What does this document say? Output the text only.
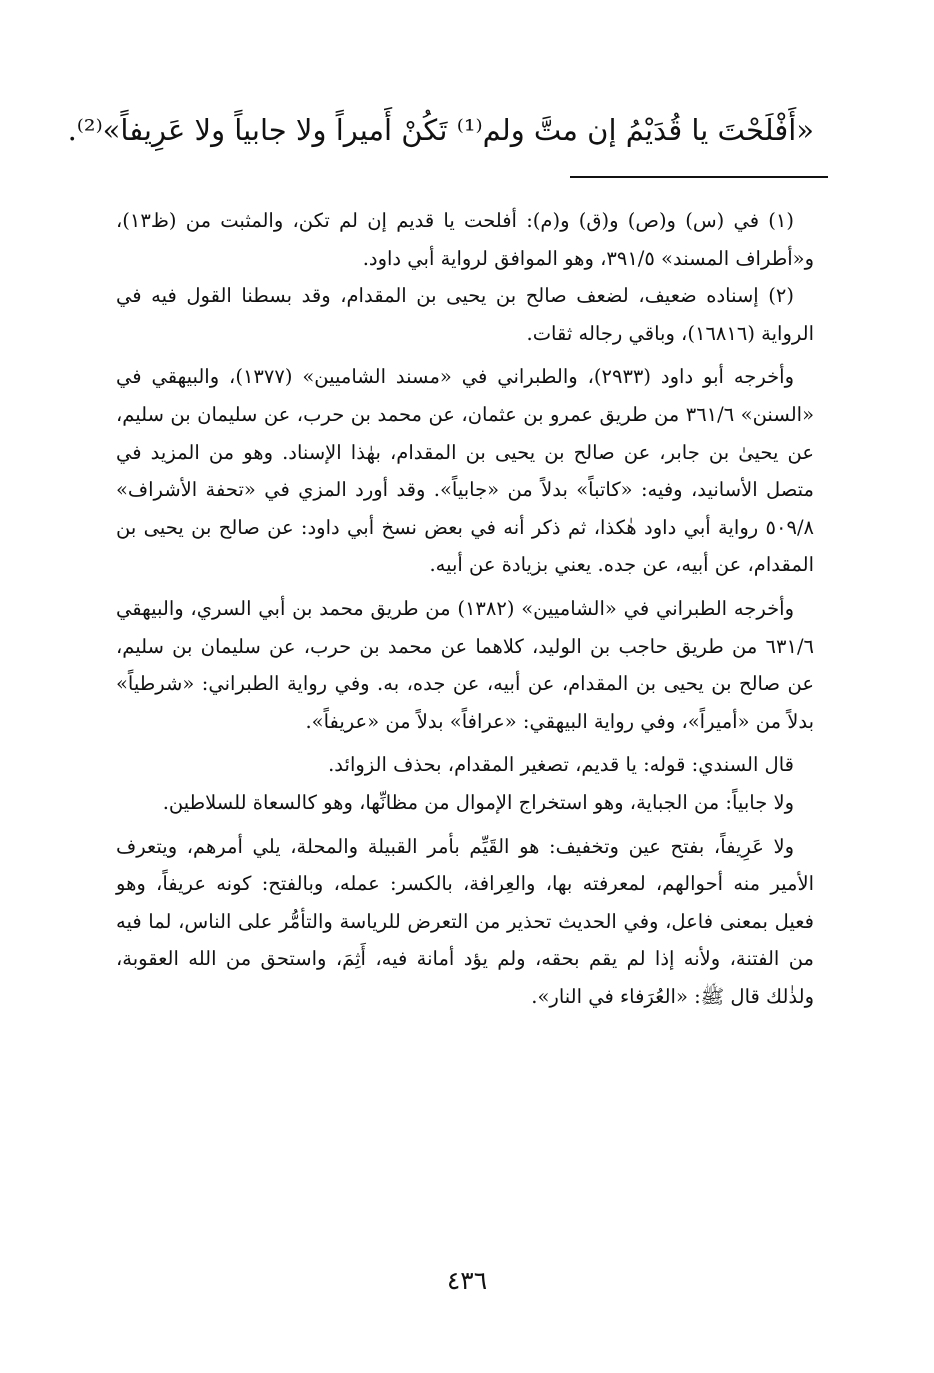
«أَفْلَحْتَ يا قُدَيْمُ إن متَّ ولم⁽¹⁾ تَكُنْ أَميراً ولا جابياً ولا عَرِيفاً»⁽²⁾.

(١) في (س) و(ص) و(ق) و(م): أفلحت يا قديم إن لم تكن، والمثبت من (ظ١٣)، و«أطراف المسند» ٣٩١/٥، وهو الموافق لرواية أبي داود.

(٢) إسناده ضعيف، لضعف صالح بن يحيى بن المقدام، وقد بسطنا القول فيه في الرواية (١٦٨١٦)، وباقي رجاله ثقات.

وأخرجه أبو داود (٢٩٣٣)، والطبراني في «مسند الشاميين» (١٣٧٧)، والبيهقي في «السنن» ٣٦١/٦ من طريق عمرو بن عثمان، عن محمد بن حرب، عن سليمان بن سليم، عن يحيىٰ بن جابر، عن صالح بن يحيى بن المقدام، بهٰذا الإسناد. وهو من المزيد في متصل الأسانيد، وفيه: «كاتباً» بدلاً من «جابياً». وقد أورد المزي في «تحفة الأشراف» ٥٠٩/٨ رواية أبي داود هٰكذا، ثم ذكر أنه في بعض نسخ أبي داود: عن صالح بن يحيى بن المقدام، عن أبيه، عن جده. يعني بزيادة عن أبيه.

وأخرجه الطبراني في «الشاميين» (١٣٨٢) من طريق محمد بن أبي السري، والبيهقي ٦٣١/٦ من طريق حاجب بن الوليد، كلاهما عن محمد بن حرب، عن سليمان بن سليم، عن صالح بن يحيى بن المقدام، عن أبيه، عن جده، به. وفي رواية الطبراني: «شرطياً» بدلاً من «أميراً»، وفي رواية البيهقي: «عرافاً» بدلاً من «عريفاً».

قال السندي: قوله: يا قديم، تصغير المقدام، بحذف الزوائد.

ولا جابياً: من الجباية، وهو استخراج الإموال من مظانِّها، وهو كالسعاة للسلاطين.

ولا عَرِيفاً، بفتح عين وتخفيف: هو القَيِّم بأمر القبيلة والمحلة، يلي أمرهم، ويتعرف الأمير منه أحوالهم، لمعرفته بها، والعِرافة، بالكسر: عمله، وبالفتح: كونه عريفاً، وهو فعيل بمعنى فاعل، وفي الحديث تحذير من التعرض للرياسة والتأمُّر على الناس، لما فيه من الفتنة، ولأنه إذا لم يقم بحقه، ولم يؤد أمانة فيه، أَثِمَ، واستحق من الله العقوبة، ولذٰلك قال ﷺ: «العُرَفاء في النار».

٤٣٦
